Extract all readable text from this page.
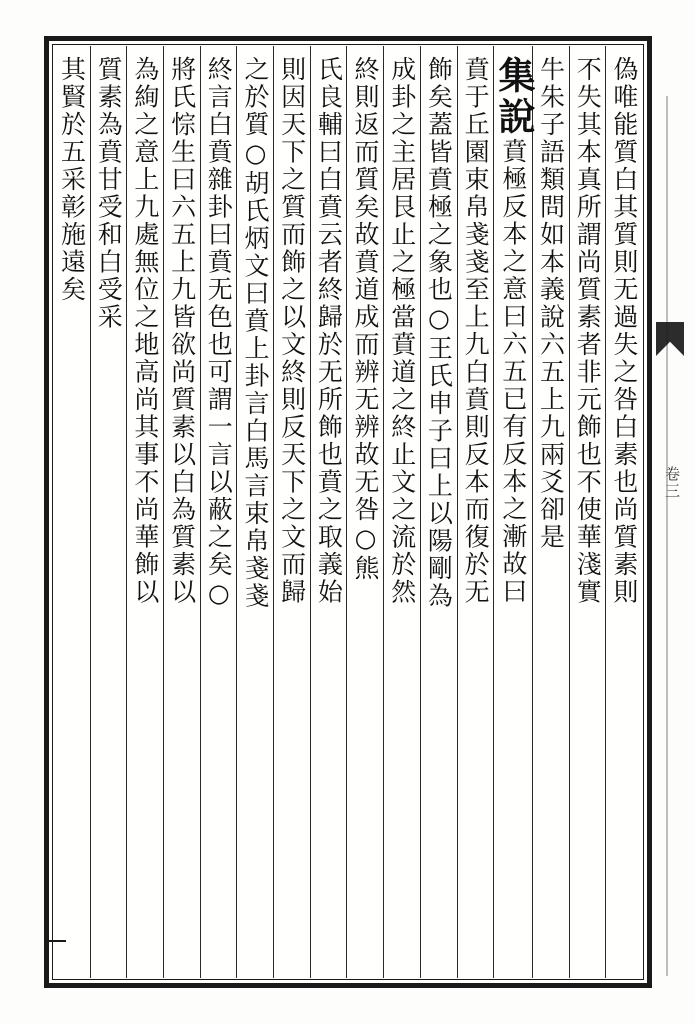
偽唯能質白其質則无過失之咎白素也尚質素則
不失其本真所謂尚質素者非元飾也不使華淺實
牛朱子語類問如本義說六五上九兩爻卻是
集說
賁極反本之意曰六五已有反本之漸故曰
賁于丘園束帛戔戔至上九白賁則反本而復於无
飾矣蓋皆賁極之象也○王氏申子曰上以陽剛為
成卦之主居艮止之極當賁道之終止文之流於然
終則返而質矣故賁道成而辨无辨故无咎○熊
氏良輔曰白賁云者終歸於无所飾也賁之取義始
則因天下之質而飾之以文終則反天下之文而歸
之於質○胡氏炳文曰賁上卦言白馬言束帛戔戔
終言白賁雜卦曰賁无色也可謂一言以蔽之矣○
將氏悰生曰六五上九皆欲尚質素以白為質素以
為絢之意上九處無位之地高尚其事不尚華飾以
質素為賁甘受和白受采
其賢於五采彰施遠矣
卷三
